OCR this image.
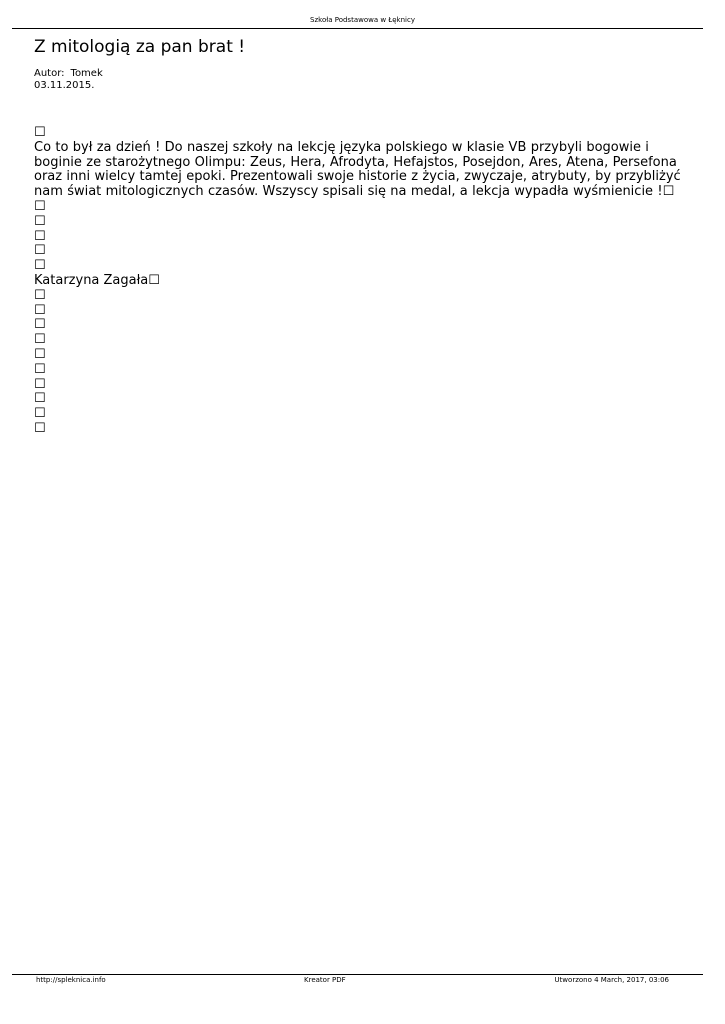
Szkoła Podstawowa w Łęknicy
Z mitologią za pan brat !
Autor: Tomek
03.11.2015.
☐
Co to był za dzień ! Do naszej szkoły na lekcję języka polskiego w klasie VB przybyli bogowie i boginie ze starożytnego Olimpu: Zeus, Hera, Afrodyta, Hefajstos, Posejdon, Ares, Atena, Persefona oraz inni wielcy tamtej epoki. Prezentowali swoje historie z życia, zwyczaje, atrybuty, by przybliżyć nam świat mitologicznych czasów. Wszyscy spisali się na medal, a lekcja wypadła wyśmienicie !☐
☐
☐
☐
☐
☐
Katarzyna Zagała☐
☐
☐
☐
☐
☐
☐
☐
☐
☐
☐
http://spleknica.info	Kreator PDF	Utworzono 4 March, 2017, 03:06
